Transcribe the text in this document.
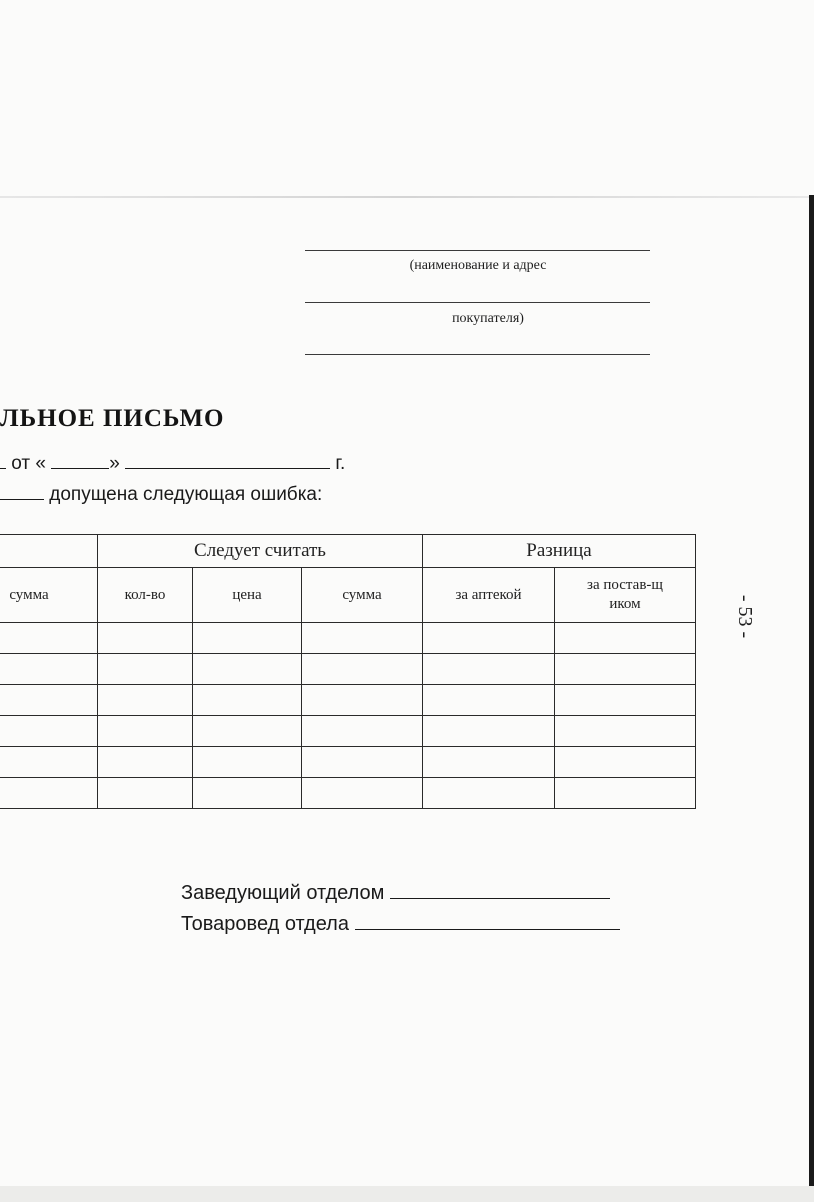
(наименование и адрес
покупателя)
ЛЬНОЕ ПИСЬМО
от «	»	г.
допущена следующая ошибка:
	Следует считать			Разница	
сумма	кол-во	цена	сумма	за аптекой	за постав-щиком

Заведующий отделом
Товаровед отдела
- 53 -
